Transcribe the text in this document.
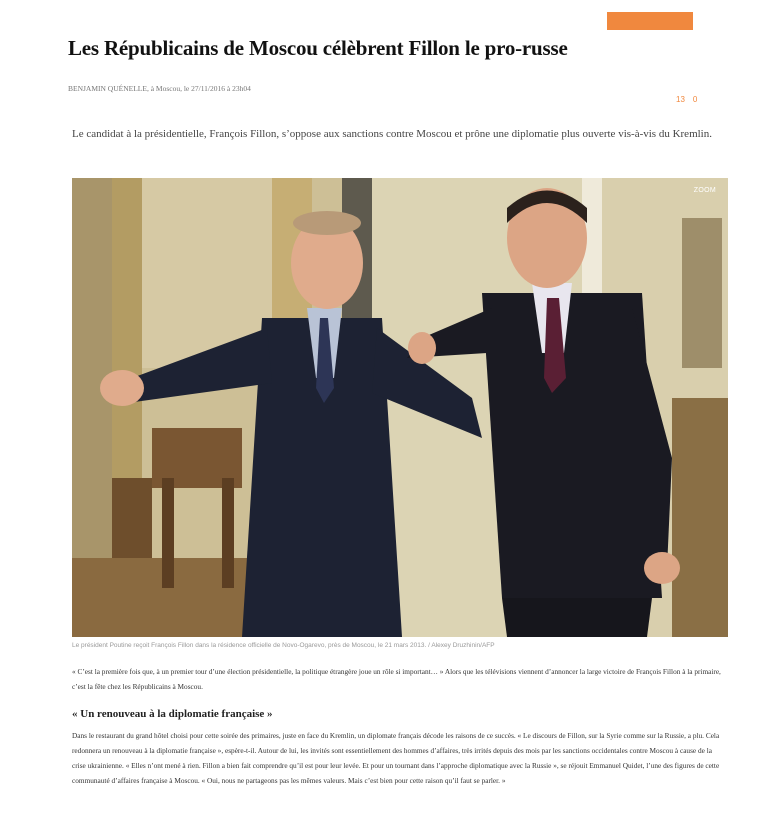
Les Républicains de Moscou célèbrent Fillon le pro-russe
BENJAMIN QUÉNELLE, à Moscou, le 27/11/2016 à 23h04
13 0

Le candidat à la présidentielle, François Fillon, s’oppose aux sanctions contre Moscou et prône une diplomatie plus ouverte vis-à-vis du Kremlin.

ZOOM
Le président Poutine reçoit François Fillon dans la résidence officielle de Novo-Ogarevo, près de Moscou, le 21 mars 2013. / Alexey Druzhinin/AFP

« C’est la première fois que, à un premier tour d’une élection présidentielle, la politique étrangère joue un rôle si important… » Alors que les télévisions viennent d’annoncer la large victoire de François Fillon à la primaire, c’est la fête chez les Républicains à Moscou.

« Un renouveau à la diplomatie française »

Dans le restaurant du grand hôtel choisi pour cette soirée des primaires, juste en face du Kremlin, un diplomate français décode les raisons de ce succès. « Le discours de Fillon, sur la Syrie comme sur la Russie, a plu. Cela redonnera un renouveau à la diplomatie française », espère-t-il. Autour de lui, les invités sont essentiellement des hommes d’affaires, très irrités depuis des mois par les sanctions occidentales contre Moscou à cause de la crise ukrainienne. « Elles n’ont mené à rien. Fillon a bien fait comprendre qu’il est pour leur levée. Et pour un tournant dans l’approche diplomatique avec la Russie », se réjouit Emmanuel Quidet, l’une des figures de cette communauté d’affaires française à Moscou. « Oui, nous ne partageons pas les mêmes valeurs. Mais c’est bien pour cette raison qu’il faut se parler. »
